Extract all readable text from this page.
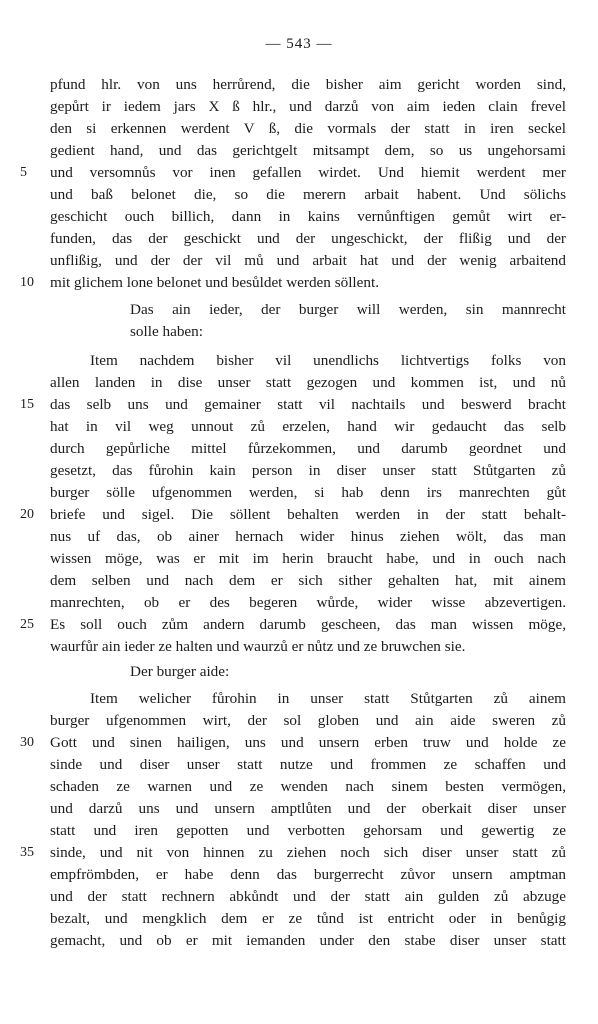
— 543 —
pfund hlr. von uns herrůrend, die bisher aim gericht worden sind,
gepůrt ir iedem jars X ß hlr., und darzů von aim ieden clain frevel
den si erkennen werdent V ß, die vormals der statt in iren seckel
gedient hand, und das gerichtgelt mitsampt dem, so us ungehorsami
und versomnůs vor inen gefallen wirdet. Und hiemit werdent mer
und baß belonet die, so die merern arbait habent. Und sölichs
geschicht ouch billich, dann in kains vernůnftigen gemůt wirt er-
funden, das der geschickt und der ungeschickt, der flißig und der
unflißig, und der der vil mů und arbait hat und der wenig arbaitend
mit glichem lone belonet und besůldet werden söllent.
Das ain ieder, der burger will werden, sin mannrecht
solle haben:
Item nachdem bisher vil unendlichs lichtvertigs folks von
allen landen in dise unser statt gezogen und kommen ist, und nů
das selb uns und gemainer statt vil nachtails und beswerd bracht
hat in vil weg unnout zů erzelen, hand wir gedaucht das selb
durch gepůrliche mittel fůrzekommen, und darumb geordnet und
gesetzt, das fůrohin kain person in diser unser statt Stůtgarten zů
burger sölle ufgenommen werden, si hab denn irs manrechten gůt
briefe und sigel. Die söllent behalten werden in der statt behalt-
nus uf das, ob ainer hernach wider hinus ziehen wölt, das man
wissen möge, was er mit im herin braucht habe, und in ouch nach
dem selben und nach dem er sich sither gehalten hat, mit ainem
manrechten, ob er des begeren wůrde, wider wisse abzevertigen.
Es soll ouch zům andern darumb gescheen, das man wissen möge,
waurfůr ain ieder ze halten und waurzů er nůtz und ze bruwchen sie.
Der burger aide:
Item welicher fůrohin in unser statt Stůtgarten zů ainem
burger ufgenommen wirt, der sol globen und ain aide sweren zů
Gott und sinen hailigen, uns und unsern erben truw und holde ze
sinde und diser unser statt nutze und frommen ze schaffen und
schaden ze warnen und ze wenden nach sinem besten vermögen,
und darzů uns und unsern amptlůten und der oberkait diser unser
statt und iren gepotten und verbotten gehorsam und gewertig ze
sinde, und nit von hinnen zu ziehen noch sich diser unser statt zů
empfrömbden, er habe denn das burgerrecht zůvor unsern amptman
und der statt rechnern abkůndt und der statt ain gulden zů abzuge
bezalt, und mengklich dem er ze tůnd ist entricht oder in benůgig
gemacht, und ob er mit iemanden under den stabe diser unser statt
5
10
15
20
25
30
35
